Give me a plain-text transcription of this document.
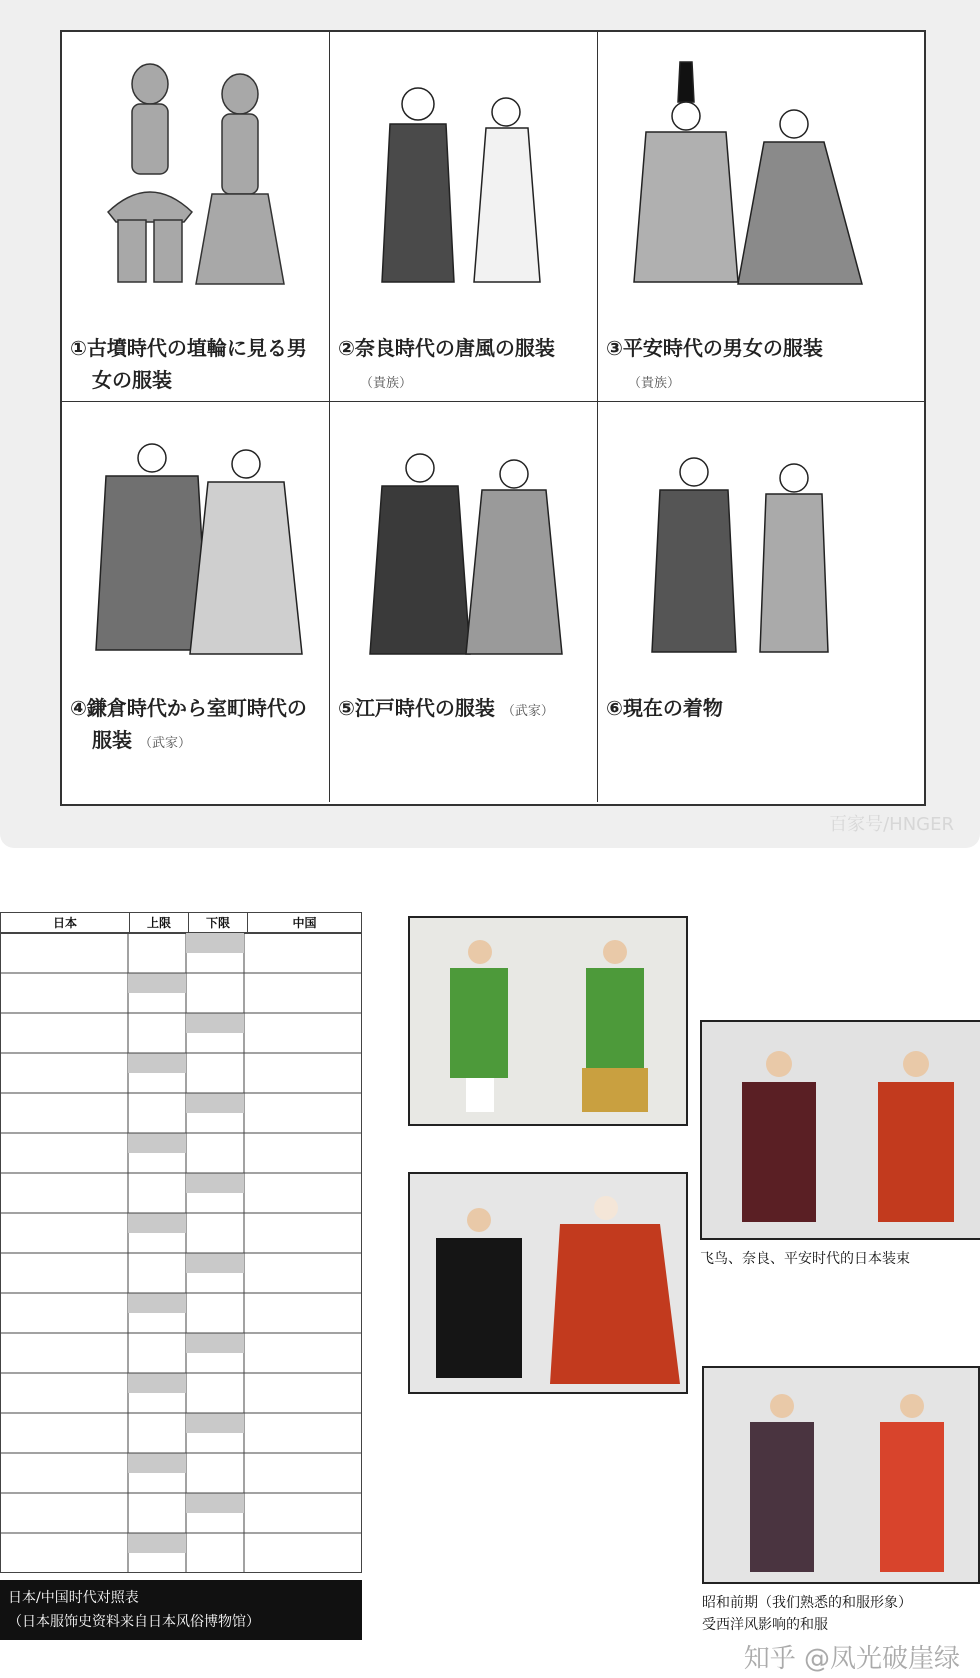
①古墳時代の埴輪に見る男
女の服装
②奈良時代の唐風の服装
（貴族）
③平安時代の男女の服装
（貴族）
④鎌倉時代から室町時代の
服装 （武家）
⑤江戸時代の服装 （武家）	⑥現在の着物
百家号/HNGER
日本	上限	下限	中国
日本/中国时代对照表
（日本服饰史资料来自日本风俗博物馆）
飞鸟、奈良、平安时代的日本装束
昭和前期（我们熟悉的和服形象）
受西洋风影响的和服
知乎 @凤光破崖绿
